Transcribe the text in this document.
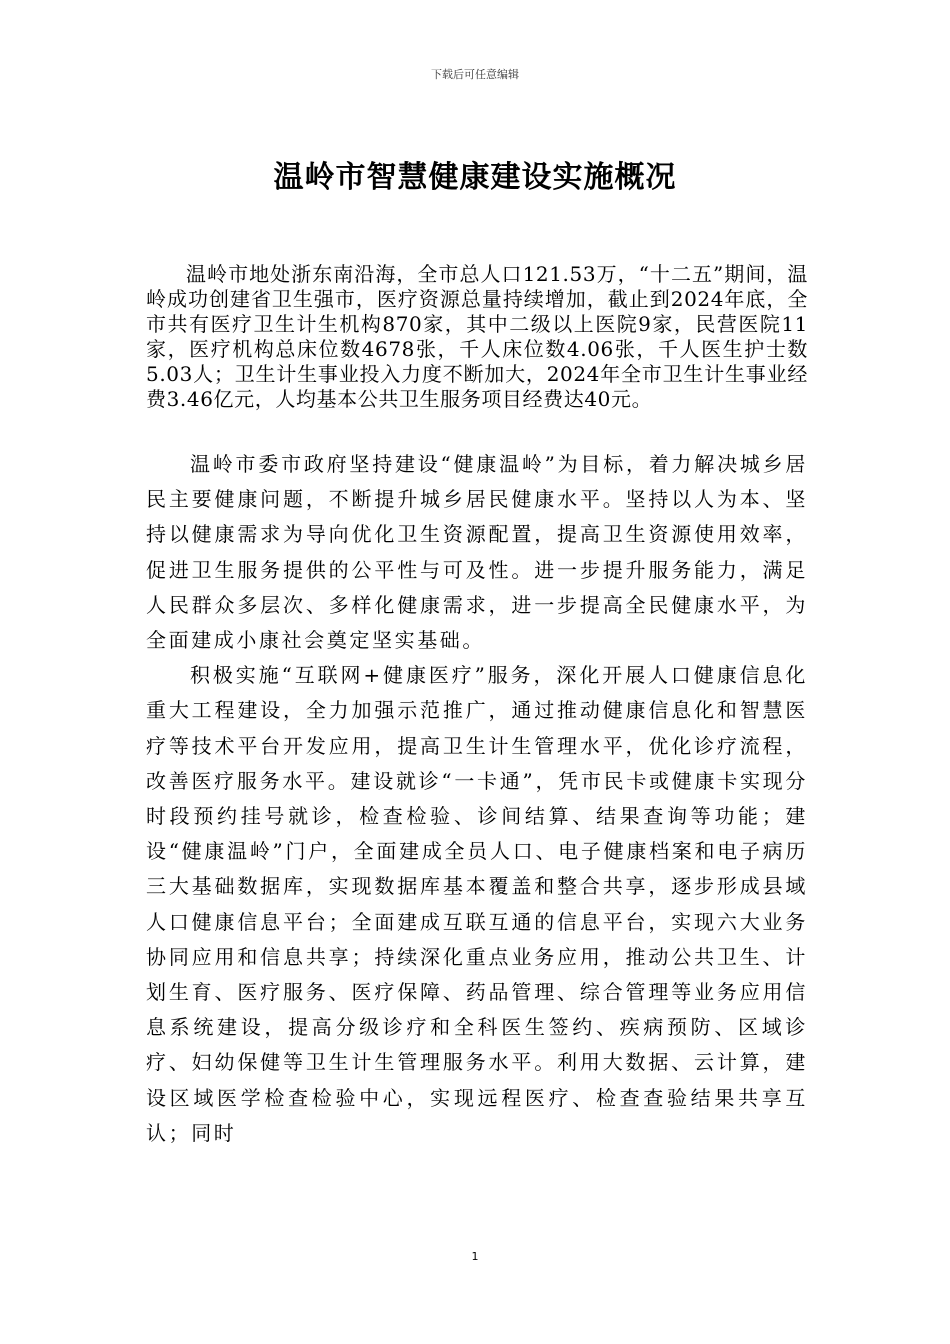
下载后可任意编辑
温岭市智慧健康建设实施概况

温岭市地处浙东南沿海，全市总人口121.53万，“十二五”期间，温岭成功创建省卫生强市，医疗资源总量持续增加，截止到2024年底，全市共有医疗卫生计生机构870家，其中二级以上医院9家，民营医院11家，医疗机构总床位数4678张，千人床位数4.06张，千人医生护士数5.03人；卫生计生事业投入力度不断加大，2024年全市卫生计生事业经费3.46亿元，人均基本公共卫生服务项目经费达40元。

温岭市委市政府坚持建设“健康温岭”为目标，着力解决城乡居民主要健康问题，不断提升城乡居民健康水平。坚持以人为本、坚持以健康需求为导向优化卫生资源配置，提高卫生资源使用效率，促进卫生服务提供的公平性与可及性。进一步提升服务能力，满足人民群众多层次、多样化健康需求，进一步提高全民健康水平，为全面建成小康社会奠定坚实基础。

积极实施“互联网+健康医疗”服务，深化开展人口健康信息化重大工程建设，全力加强示范推广，通过推动健康信息化和智慧医疗等技术平台开发应用，提高卫生计生管理水平，优化诊疗流程，改善医疗服务水平。建设就诊“一卡通”，凭市民卡或健康卡实现分时段预约挂号就诊，检查检验、诊间结算、结果查询等功能；建设“健康温岭”门户，全面建成全员人口、电子健康档案和电子病历三大基础数据库，实现数据库基本覆盖和整合共享，逐步形成县域人口健康信息平台；全面建成互联互通的信息平台，实现六大业务协同应用和信息共享；持续深化重点业务应用，推动公共卫生、计划生育、医疗服务、医疗保障、药品管理、综合管理等业务应用信息系统建设，提高分级诊疗和全科医生签约、疾病预防、区域诊疗、妇幼保健等卫生计生管理服务水平。利用大数据、云计算，建设区域医学检查检验中心，实现远程医疗、检查查验结果共享互认；同时

1
